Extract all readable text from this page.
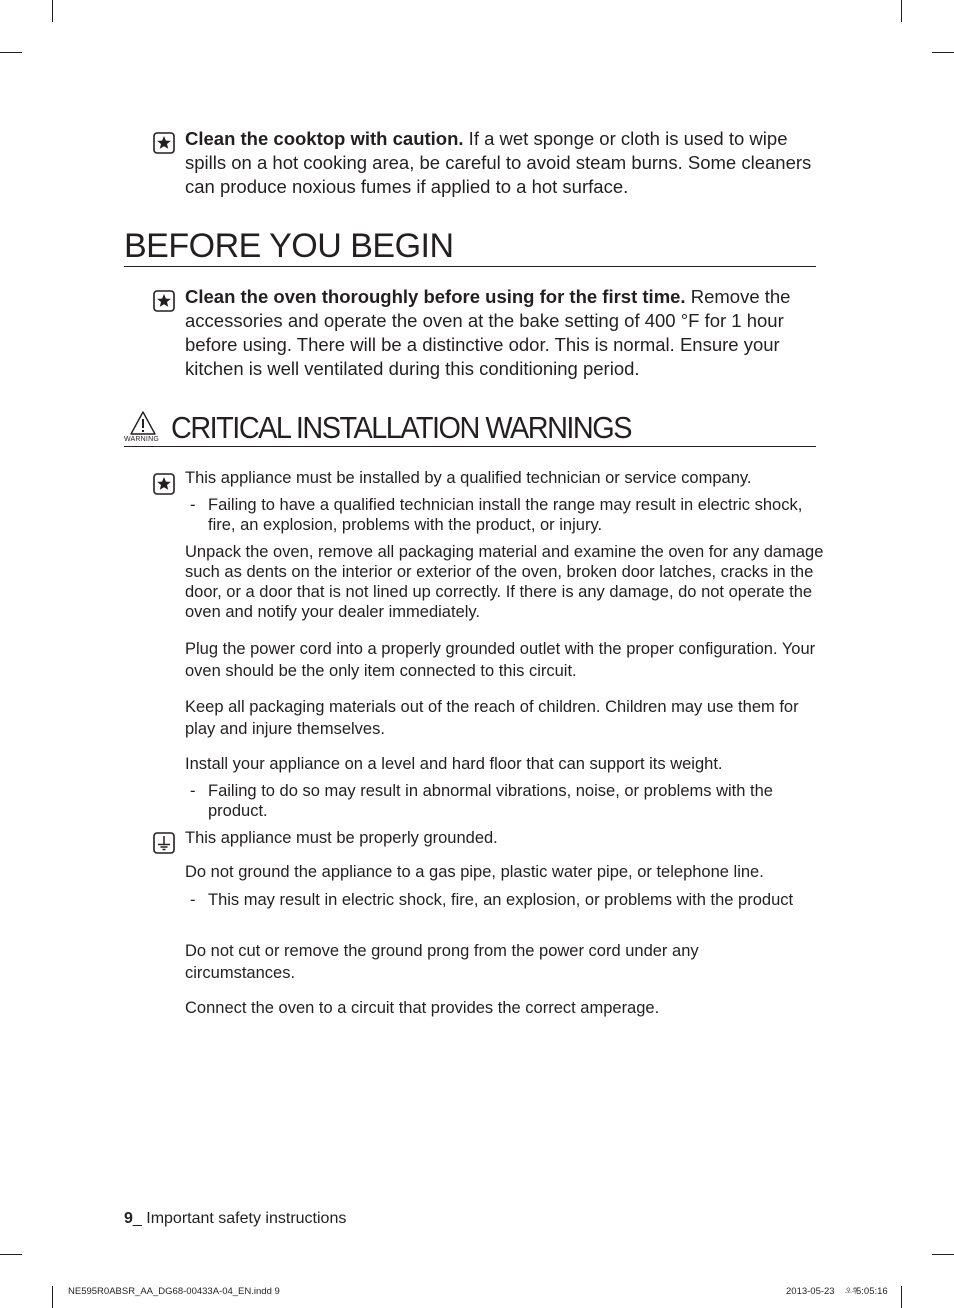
Clean the cooktop with caution. If a wet sponge or cloth is used to wipe spills on a hot cooking area, be careful to avoid steam burns. Some cleaners can produce noxious fumes if applied to a hot surface.
BEFORE YOU BEGIN
Clean the oven thoroughly before using for the first time. Remove the accessories and operate the oven at the bake setting of 400 °F for 1 hour before using. There will be a distinctive odor. This is normal. Ensure your kitchen is well ventilated during this conditioning period.
WARNING CRITICAL INSTALLATION WARNINGS
This appliance must be installed by a qualified technician or service company.
- Failing to have a qualified technician install the range may result in electric shock, fire, an explosion, problems with the product, or injury.
Unpack the oven, remove all packaging material and examine the oven for any damage such as dents on the interior or exterior of the oven, broken door latches, cracks in the door, or a door that is not lined up correctly. If there is any damage, do not operate the oven and notify your dealer immediately.
Plug the power cord into a properly grounded outlet with the proper configuration. Your oven should be the only item connected to this circuit.
Keep all packaging materials out of the reach of children. Children may use them for play and injure themselves.
Install your appliance on a level and hard floor that can support its weight.
- Failing to do so may result in abnormal vibrations, noise, or problems with the product.
This appliance must be properly grounded.
Do not ground the appliance to a gas pipe, plastic water pipe, or telephone line.
- This may result in electric shock, fire, an explosion, or problems with the product
Do not cut or remove the ground prong from the power cord under any circumstances.
Connect the oven to a circuit that provides the correct amperage.
9_ Important safety instructions
NE595R0ABSR_AA_DG68-00433A-04_EN.indd 9	2013-05-23 오후
5:05:16
